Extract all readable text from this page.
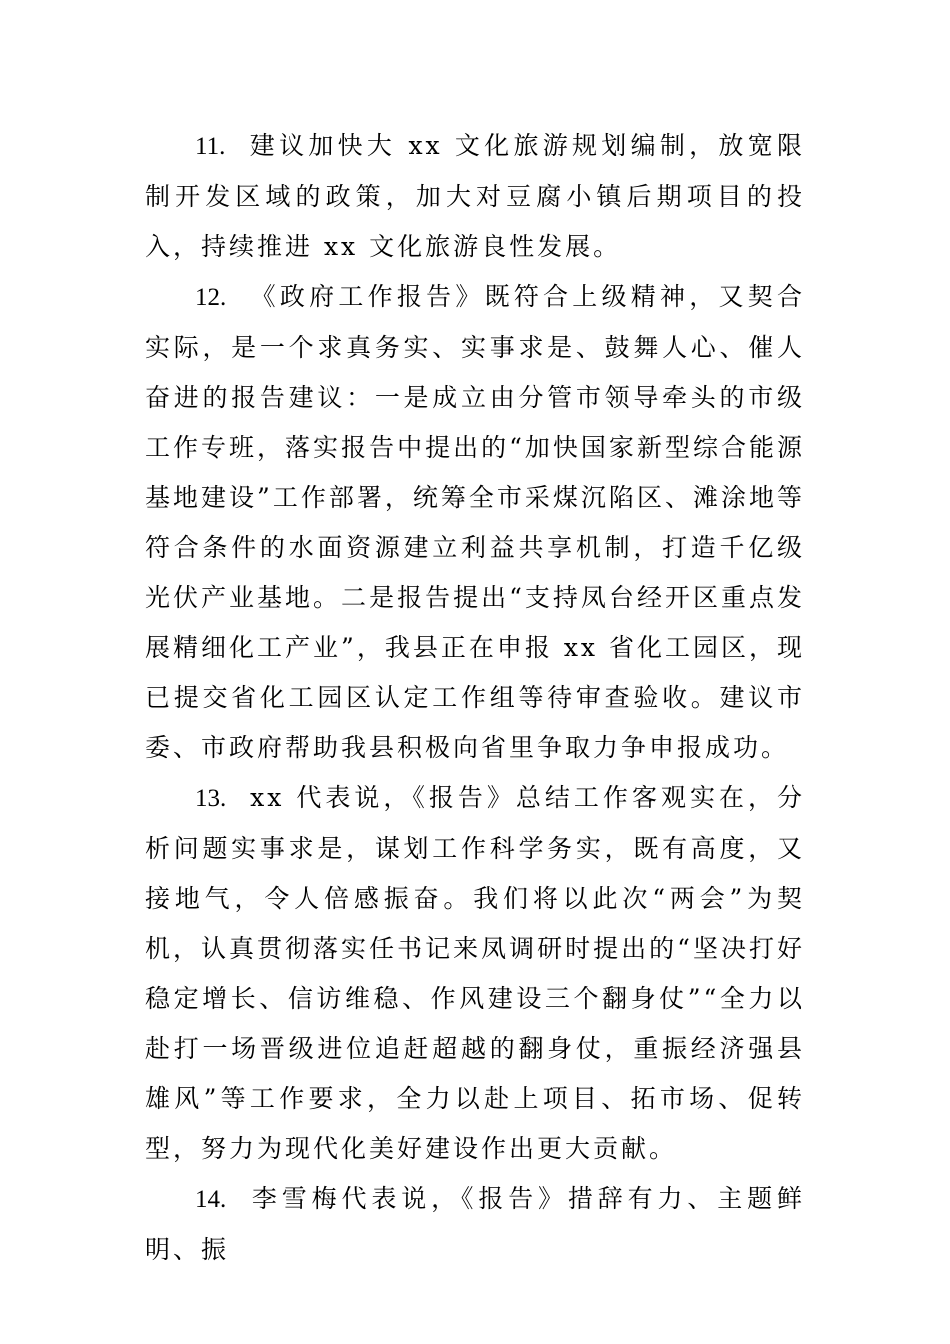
11. 建议加快大 xx 文化旅游规划编制，放宽限制开发区域的政策，加大对豆腐小镇后期项目的投入，持续推进 xx 文化旅游良性发展。

12. 《政府工作报告》既符合上级精神，又契合实际，是一个求真务实、实事求是、鼓舞人心、催人奋进的报告建议：一是成立由分管市领导牵头的市级工作专班，落实报告中提出的“加快国家新型综合能源基地建设”工作部署，统筹全市采煤沉陷区、滩涂地等符合条件的水面资源建立利益共享机制，打造千亿级光伏产业基地。二是报告提出“支持凤台经开区重点发展精细化工产业”，我县正在申报 xx 省化工园区，现已提交省化工园区认定工作组等待审查验收。建议市委、市政府帮助我县积极向省里争取力争申报成功。

13. xx 代表说，《报告》总结工作客观实在，分析问题实事求是，谋划工作科学务实，既有高度，又接地气，令人倍感振奋。我们将以此次“两会”为契机，认真贯彻落实任书记来凤调研时提出的“坚决打好稳定增长、信访维稳、作风建设三个翻身仗”“全力以赴打一场晋级进位追赶超越的翻身仗，重振经济强县雄风”等工作要求，全力以赴上项目、拓市场、促转型，努力为现代化美好建设作出更大贡献。

14. 李雪梅代表说，《报告》措辞有力、主题鲜明、振
